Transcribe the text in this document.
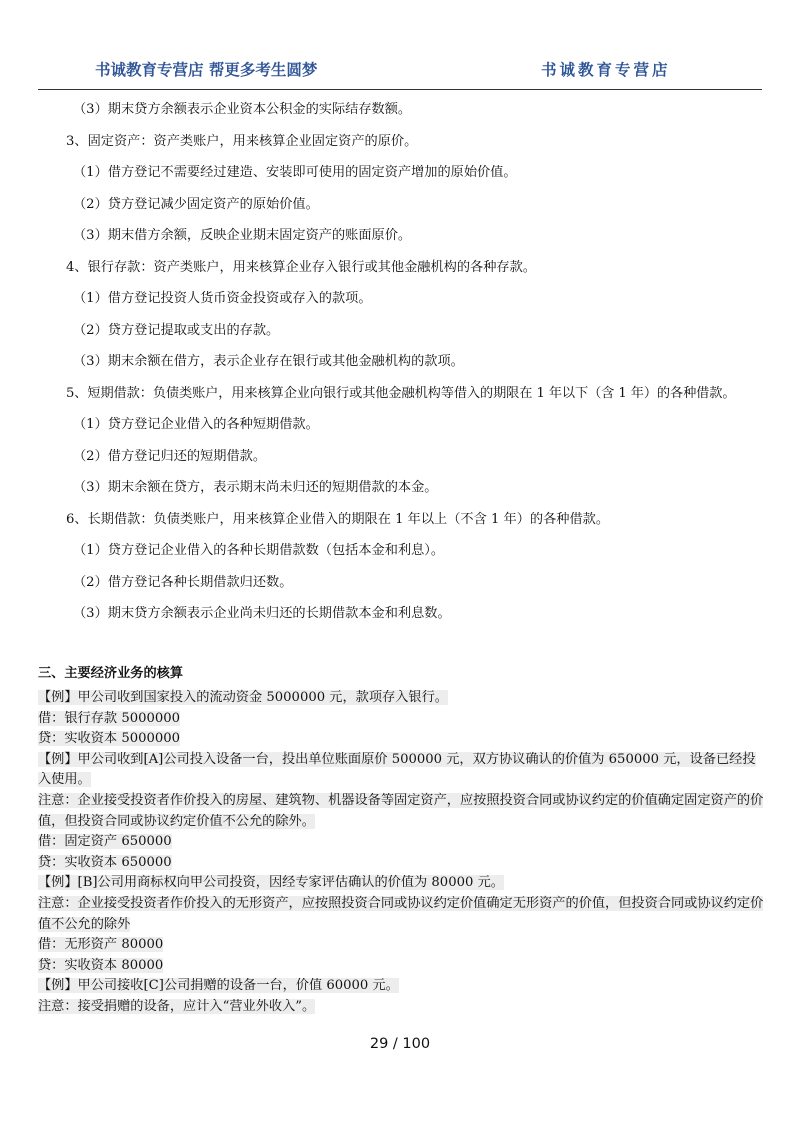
书诚教育专营店 帮更多考生圆梦	书诚教育专营店
（3）期末贷方余额表示企业资本公积金的实际结存数额。
3、固定资产：资产类账户，用来核算企业固定资产的原价。
（1）借方登记不需要经过建造、安装即可使用的固定资产增加的原始价值。
（2）贷方登记减少固定资产的原始价值。
（3）期末借方余额，反映企业期末固定资产的账面原价。
4、银行存款：资产类账户，用来核算企业存入银行或其他金融机构的各种存款。
（1）借方登记投资人货币资金投资或存入的款项。
（2）贷方登记提取或支出的存款。
（3）期末余额在借方，表示企业存在银行或其他金融机构的款项。
5、短期借款：负债类账户，用来核算企业向银行或其他金融机构等借入的期限在 1 年以下（含 1 年）的各种借款。
（1）贷方登记企业借入的各种短期借款。
（2）借方登记归还的短期借款。
（3）期末余额在贷方，表示期末尚未归还的短期借款的本金。
6、长期借款：负债类账户，用来核算企业借入的期限在 1 年以上（不含 1 年）的各种借款。
（1）贷方登记企业借入的各种长期借款数（包括本金和利息）。
（2）借方登记各种长期借款归还数。
（3）期末贷方余额表示企业尚未归还的长期借款本金和利息数。
三、主要经济业务的核算
【例】甲公司收到国家投入的流动资金 5000000 元，款项存入银行。
借：银行存款 5000000
贷：实收资本 5000000
【例】甲公司收到[A]公司投入设备一台，投出单位账面原价 500000 元，双方协议确认的价值为 650000 元，设备已经投入使用。
注意：企业接受投资者作价投入的房屋、建筑物、机器设备等固定资产，应按照投资合同或协议约定的价值确定固定资产的价值，但投资合同或协议约定价值不公允的除外。
借：固定资产 650000
贷：实收资本 650000
【例】[B]公司用商标权向甲公司投资，因经专家评估确认的价值为 80000 元。
注意：企业接受投资者作价投入的无形资产，应按照投资合同或协议约定价值确定无形资产的价值，但投资合同或协议约定价值不公允的除外
借：无形资产 80000
贷：实收资本 80000
【例】甲公司接收[C]公司捐赠的设备一台，价值 60000 元。
注意：接受捐赠的设备，应计入“营业外收入”。
29 / 100
